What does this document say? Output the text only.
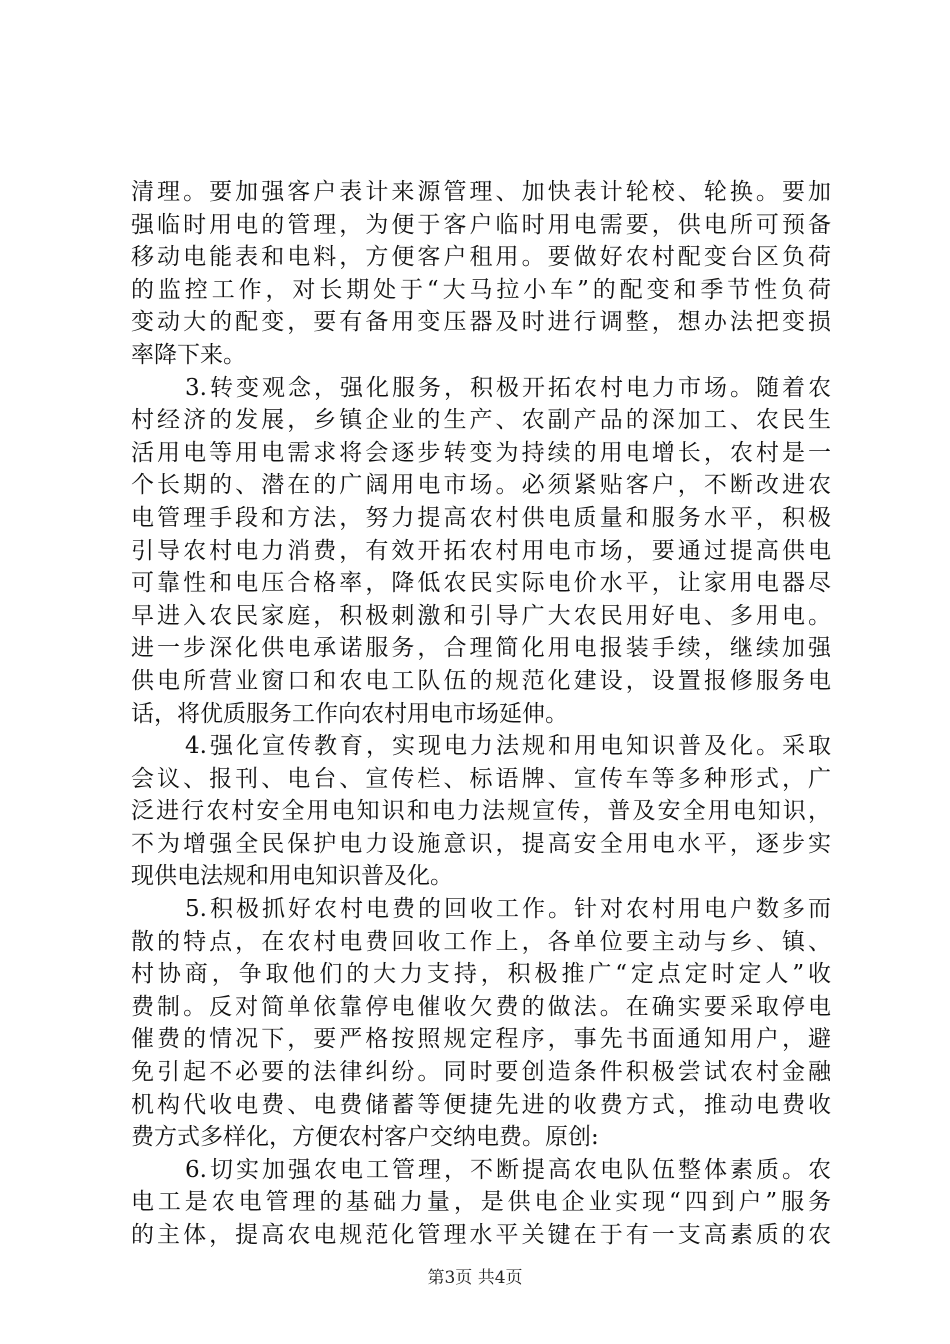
清理。要加强客户表计来源管理、加快表计轮校、轮换。要加
强临时用电的管理，为便于客户临时用电需要，供电所可预备
移动电能表和电料，方便客户租用。要做好农村配变台区负荷
的监控工作，对长期处于“大马拉小车”的配变和季节性负荷
变动大的配变，要有备用变压器及时进行调整，想办法把变损
率降下来。
3.转变观念，强化服务，积极开拓农村电力市场。随着农
村经济的发展，乡镇企业的生产、农副产品的深加工、农民生
活用电等用电需求将会逐步转变为持续的用电增长，农村是一
个长期的、潜在的广阔用电市场。必须紧贴客户，不断改进农
电管理手段和方法，努力提高农村供电质量和服务水平，积极
引导农村电力消费，有效开拓农村用电市场，要通过提高供电
可靠性和电压合格率，降低农民实际电价水平，让家用电器尽
早进入农民家庭，积极刺激和引导广大农民用好电、多用电。
进一步深化供电承诺服务，合理简化用电报装手续，继续加强
供电所营业窗口和农电工队伍的规范化建设，设置报修服务电
话，将优质服务工作向农村用电市场延伸。
4.强化宣传教育，实现电力法规和用电知识普及化。采取
会议、报刊、电台、宣传栏、标语牌、宣传车等多种形式，广
泛进行农村安全用电知识和电力法规宣传，普及安全用电知识，
不为增强全民保护电力设施意识，提高安全用电水平，逐步实
现供电法规和用电知识普及化。
5.积极抓好农村电费的回收工作。针对农村用电户数多而
散的特点，在农村电费回收工作上，各单位要主动与乡、镇、
村协商，争取他们的大力支持，积极推广“定点定时定人”收
费制。反对简单依靠停电催收欠费的做法。在确实要采取停电
催费的情况下，要严格按照规定程序，事先书面通知用户，避
免引起不必要的法律纠纷。同时要创造条件积极尝试农村金融
机构代收电费、电费储蓄等便捷先进的收费方式，推动电费收
费方式多样化，方便农村客户交纳电费。原创:
6.切实加强农电工管理，不断提高农电队伍整体素质。农
电工是农电管理的基础力量，是供电企业实现“四到户”服务
的主体，提高农电规范化管理水平关键在于有一支高素质的农
第3页 共4页
